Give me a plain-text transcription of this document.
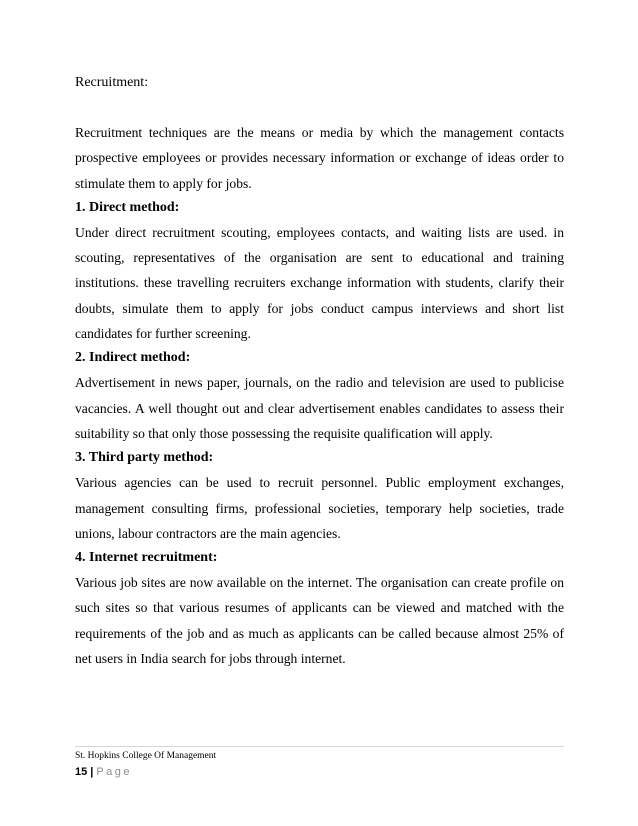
Recruitment:

Recruitment techniques are the means or media by which the management contacts prospective employees or provides necessary information or exchange of ideas order to stimulate them to apply for jobs.

1. Direct method:

Under direct recruitment scouting, employees contacts, and waiting lists are used. in scouting, representatives of the organisation are sent to educational and training institutions. these travelling recruiters exchange information with students, clarify their doubts, simulate them to apply for jobs conduct campus interviews and short list candidates for further screening.

2. Indirect method:

Advertisement in news paper, journals, on the radio and television are used to publicise vacancies. A well thought out and clear advertisement enables candidates to assess their suitability so that only those possessing the requisite qualification will apply.

3. Third party method:

Various agencies can be used to recruit personnel. Public employment exchanges, management consulting firms, professional societies, temporary help societies, trade unions, labour contractors are the main agencies.

4. Internet recruitment:

Various job sites are now available on the internet. The organisation can create profile on such sites so that various resumes of applicants can be viewed and matched with the requirements of the job and as much as applicants can be called because almost 25% of net users in India search for jobs through internet.

St. Hopkins College Of Management
15 | Page
